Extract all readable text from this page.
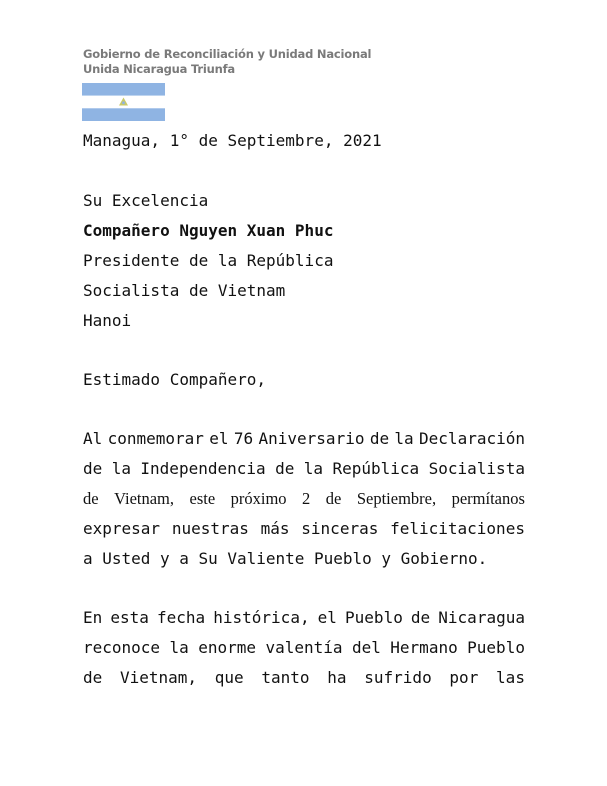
Gobierno de Reconciliación y Unidad Nacional
Unida Nicaragua Triunfa
Managua, 1° de Septiembre, 2021
Su Excelencia
Compañero Nguyen Xuan Phuc
Presidente de la República
Socialista de Vietnam
Hanoi
Estimado Compañero,
Al conmemorar el 76 Aniversario de la Declaración
de la Independencia de la República Socialista
de Vietnam, este próximo 2 de Septiembre, permítanos
expresar nuestras más sinceras felicitaciones
a Usted y a Su Valiente Pueblo y Gobierno.
En esta fecha histórica, el Pueblo de Nicaragua
reconoce la enorme valentía del Hermano Pueblo
de Vietnam, que tanto ha sufrido por las
